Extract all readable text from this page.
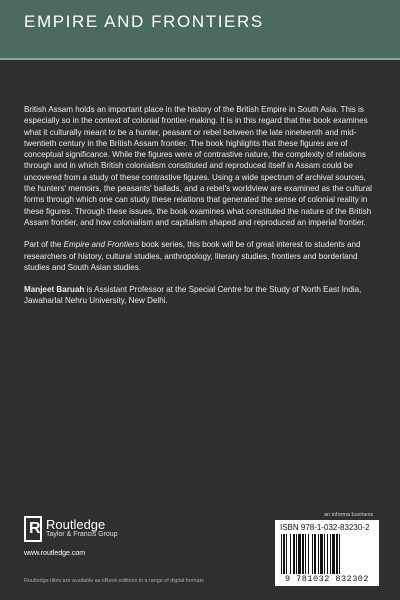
EMPIRE AND FRONTIERS

British Assam holds an important place in the history of the British Empire in South Asia. This is especially so in the context of colonial frontier-making. It is in this regard that the book examines what it culturally meant to be a hunter, peasant or rebel between the late nineteenth and mid-twentieth century in the British Assam frontier. The book highlights that these figures are of conceptual significance. While the figures were of contrastive nature, the complexity of relations through and in which British colonialism constituted and reproduced itself in Assam could be uncovered from a study of these contrastive figures. Using a wide spectrum of archival sources, the hunters' memoirs, the peasants' ballads, and a rebel's worldview are examined as the cultural forms through which one can study these relations that generated the sense of colonial reality in these figures. Through these issues, the book examines what constituted the nature of the British Assam frontier, and how colonialism and capitalism shaped and reproduced an imperial frontier.

Part of the Empire and Frontiers book series, this book will be of great interest to students and researchers of history, cultural studies, anthropology, literary studies, frontiers and borderland studies and South Asian studies.

Manjeet Baruah is Assistant Professor at the Special Centre for the Study of North East India, Jawaharlal Nehru University, New Delhi.

R Routledge
Taylor & Francis Group
www.routledge.com
Routledge titles are available as eBook editions in a range of digital formats
an informa business
ISBN 978-1-032-83230-2
9 781032 832302
